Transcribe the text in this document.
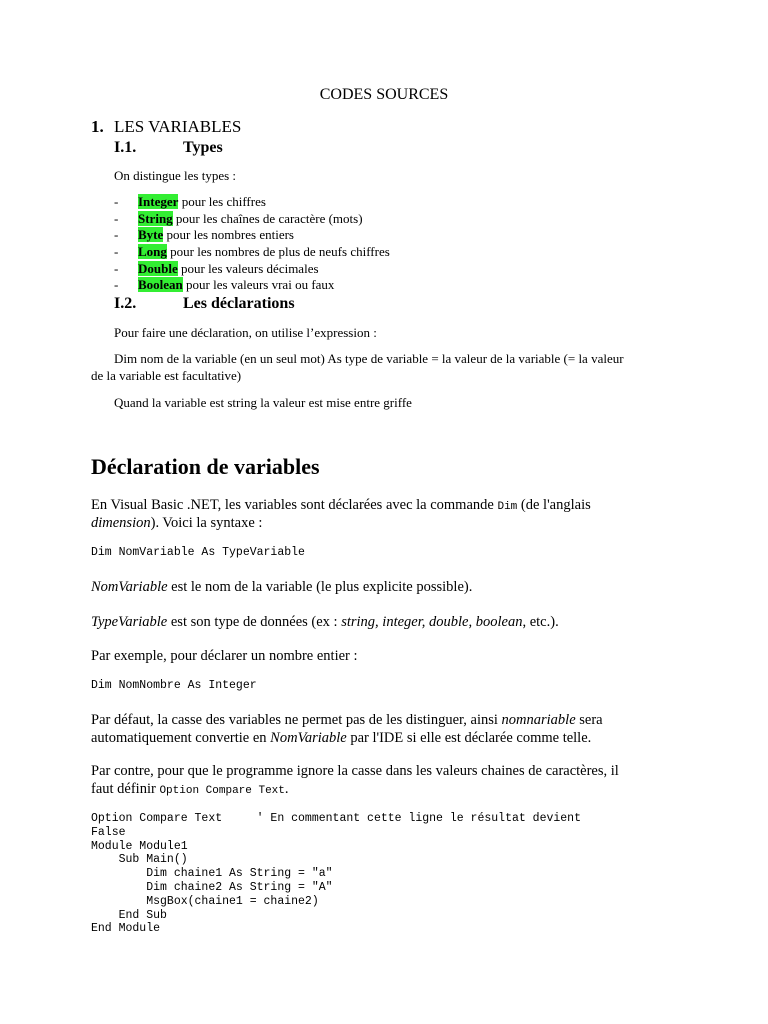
CODES SOURCES
1. LES VARIABLES
I.1.	Types
On distingue les types :
- Integer pour les chiffres
- String pour les chaînes de caractère (mots)
- Byte pour les nombres entiers
- Long pour les nombres de plus de neufs chiffres
- Double pour les valeurs décimales
- Boolean pour les valeurs vrai ou faux
I.2.	Les déclarations
Pour faire une déclaration, on utilise l’expression :
Dim nom de la variable (en un seul mot) As type de variable = la valeur de la variable (= la valeur
de la variable est facultative)
Quand la variable est string la valeur est mise entre griffe
Déclaration de variables
En Visual Basic .NET, les variables sont déclarées avec la commande Dim (de l'anglais
dimension). Voici la syntaxe :
Dim NomVariable As TypeVariable
NomVariable est le nom de la variable (le plus explicite possible).
TypeVariable est son type de données (ex : string, integer, double, boolean, etc.).
Par exemple, pour déclarer un nombre entier :
Dim NomNombre As Integer
Par défaut, la casse des variables ne permet pas de les distinguer, ainsi nomnariable sera
automatiquement convertie en NomVariable par l'IDE si elle est déclarée comme telle.
Par contre, pour que le programme ignore la casse dans les valeurs chaines de caractères, il
faut définir Option Compare Text.
Option Compare Text     ' En commentant cette ligne le résultat devient
False
Module Module1
Sub Main()
Dim chaine1 As String = "a"
Dim chaine2 As String = "A"
MsgBox(chaine1 = chaine2)
End Sub
End Module
